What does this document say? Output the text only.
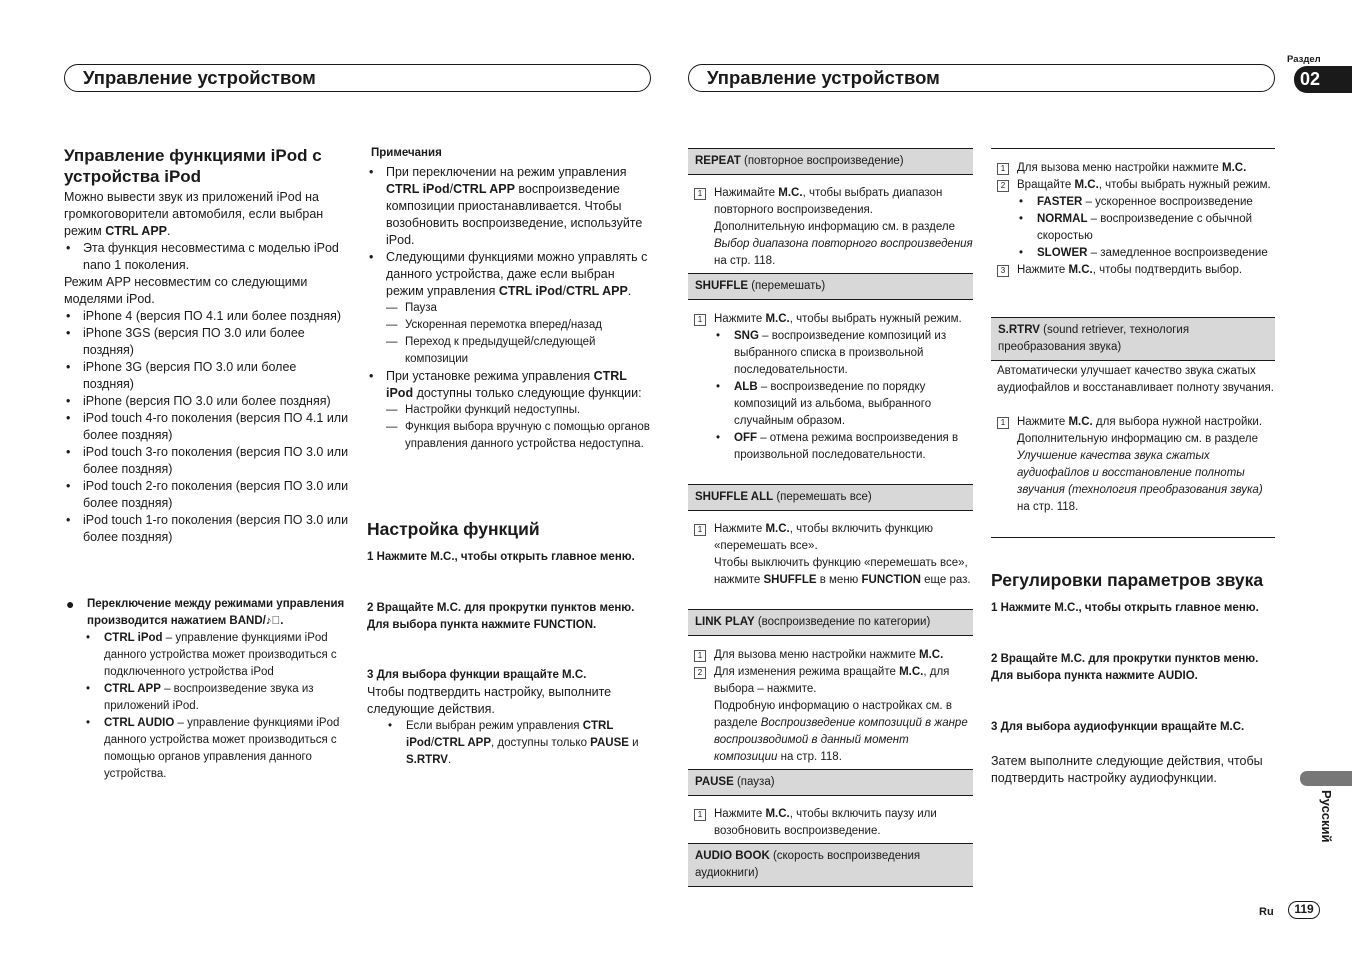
Управление устройством	Управление устройством
Раздел
02
Русский
Ru	119
Управление функциями iPod с устройства iPod
Можно вывести звук из приложений iPod на громкоговорители автомобиля, если выбран режим CTRL APP.
• Эта функция несовместима с моделью iPod nano 1 поколения.
Режим APP несовместим со следующими моделями iPod.
• iPhone 4 (версия ПО 4.1 или более поздняя)
• iPhone 3GS (версия ПО 3.0 или более поздняя)
• iPhone 3G (версия ПО 3.0 или более поздняя)
• iPhone (версия ПО 3.0 или более поздняя)
• iPod touch 4-го поколения (версия ПО 4.1 или более поздняя)
• iPod touch 3-го поколения (версия ПО 3.0 или более поздняя)
• iPod touch 2-го поколения (версия ПО 3.0 или более поздняя)
• iPod touch 1-го поколения (версия ПО 3.0 или более поздняя)
● Переключение между режимами управления производится нажатием BAND/♪⃞.
• CTRL iPod – управление функциями iPod данного устройства может производиться с подключенного устройства iPod
• CTRL APP – воспроизведение звука из приложений iPod.
• CTRL AUDIO – управление функциями iPod данного устройства может производиться с помощью органов управления данного устройства.
Примечания
• При переключении на режим управления CTRL iPod/CTRL APP воспроизведение композиции приостанавливается. Чтобы возобновить воспроизведение, используйте iPod.
• Следующими функциями можно управлять с данного устройства, даже если выбран режим управления CTRL iPod/CTRL APP.
— Пауза
— Ускоренная перемотка вперед/назад
— Переход к предыдущей/следующей композиции
• При установке режима управления CTRL iPod доступны только следующие функции:
— Настройки функций недоступны.
— Функция выбора вручную с помощью органов управления данного устройства недоступна.
Настройка функций
1 Нажмите M.C., чтобы открыть главное меню.
2 Вращайте M.C. для прокрутки пунктов меню. Для выбора пункта нажмите FUNCTION.
3 Для выбора функции вращайте M.C.
Чтобы подтвердить настройку, выполните следующие действия.
• Если выбран режим управления CTRL iPod/CTRL APP, доступны только PAUSE и S.RTRV.
REPEAT (повторное воспроизведение)
1	Нажимайте M.C., чтобы выбрать диапазон повторного воспроизведения.
Дополнительную информацию см. в разделе Выбор диапазона повторного воспроизведения на стр. 118.
SHUFFLE (перемешать)
1	Нажмите M.C., чтобы выбрать нужный режим.
• SNG – воспроизведение композиций из выбранного списка в произвольной последовательности.
• ALB – воспроизведение по порядку композиций из альбома, выбранного случайным образом.
• OFF – отмена режима воспроизведения в произвольной последовательности.
SHUFFLE ALL (перемешать все)
1	Нажмите M.C., чтобы включить функцию «перемешать все».
Чтобы выключить функцию «перемешать все», нажмите SHUFFLE в меню FUNCTION еще раз.
LINK PLAY (воспроизведение по категории)
1	Для вызова меню настройки нажмите M.C.
2	Для изменения режима вращайте M.C., для выбора – нажмите.
Подробную информацию о настройках см. в разделе Воспроизведение композиций в жанре воспроизводимой в данный момент композиции на стр. 118.
PAUSE (пауза)
1	Нажмите M.C., чтобы включить паузу или возобновить воспроизведение.
AUDIO BOOK (скорость воспроизведения аудиокниги)
1	Для вызова меню настройки нажмите M.C.
2	Вращайте M.C., чтобы выбрать нужный режим.
• FASTER – ускоренное воспроизведение
• NORMAL – воспроизведение с обычной скоростью
• SLOWER – замедленное воспроизведение
3	Нажмите M.C., чтобы подтвердить выбор.
S.RTRV (sound retriever, технология преобразования звука)
Автоматически улучшает качество звука сжатых аудиофайлов и восстанавливает полноту звучания.
1	Нажмите M.C. для выбора нужной настройки.
Дополнительную информацию см. в разделе Улучшение качества звука сжатых аудиофайлов и восстановление полноты звучания (технология преобразования звука) на стр. 118.
Регулировки параметров звука
1 Нажмите M.C., чтобы открыть главное меню.
2 Вращайте M.C. для прокрутки пунктов меню. Для выбора пункта нажмите AUDIO.
3 Для выбора аудиофункции вращайте M.C.
Затем выполните следующие действия, чтобы подтвердить настройку аудиофункции.
